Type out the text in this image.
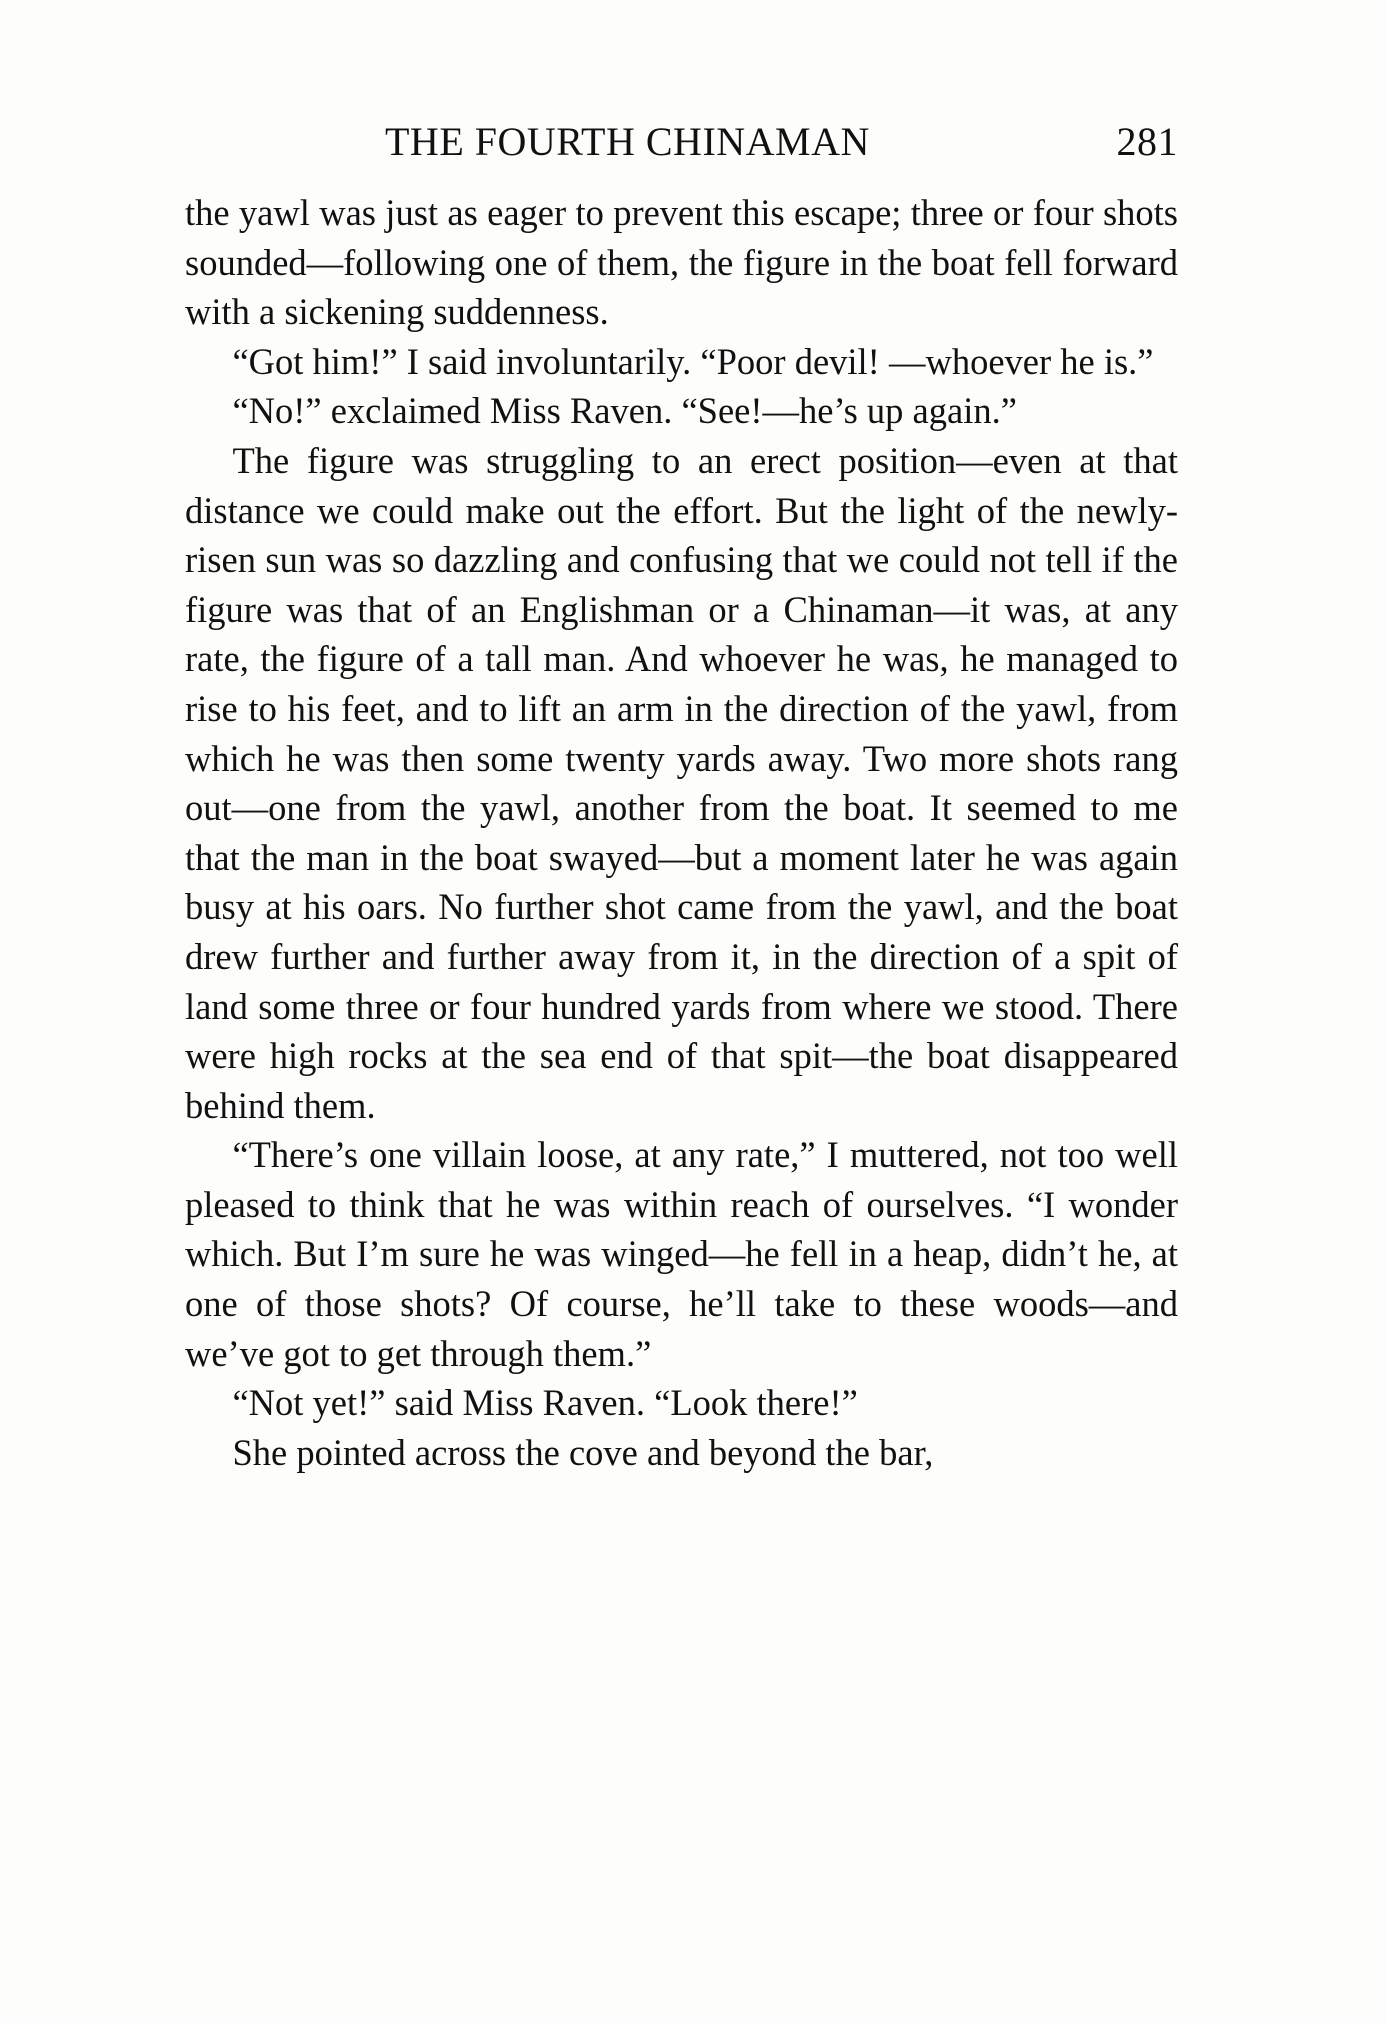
THE FOURTH CHINAMAN	281

the yawl was just as eager to prevent this escape; three or four shots sounded—following one of them, the figure in the boat fell forward with a sickening suddenness.

“Got him!” I said involuntarily. “Poor devil! —whoever he is.”

“No!” exclaimed Miss Raven. “See!—he’s up again.”

The figure was struggling to an erect position—even at that distance we could make out the effort. But the light of the newly-risen sun was so dazzling and confusing that we could not tell if the figure was that of an Englishman or a Chinaman—it was, at any rate, the figure of a tall man. And whoever he was, he managed to rise to his feet, and to lift an arm in the direction of the yawl, from which he was then some twenty yards away. Two more shots rang out—one from the yawl, another from the boat. It seemed to me that the man in the boat swayed—but a moment later he was again busy at his oars. No further shot came from the yawl, and the boat drew further and further away from it, in the direction of a spit of land some three or four hundred yards from where we stood. There were high rocks at the sea end of that spit—the boat disappeared behind them.

“There’s one villain loose, at any rate,” I muttered, not too well pleased to think that he was within reach of ourselves. “I wonder which. But I’m sure he was winged—he fell in a heap, didn’t he, at one of those shots? Of course, he’ll take to these woods—and we’ve got to get through them.”

“Not yet!” said Miss Raven. “Look there!”

She pointed across the cove and beyond the bar,
